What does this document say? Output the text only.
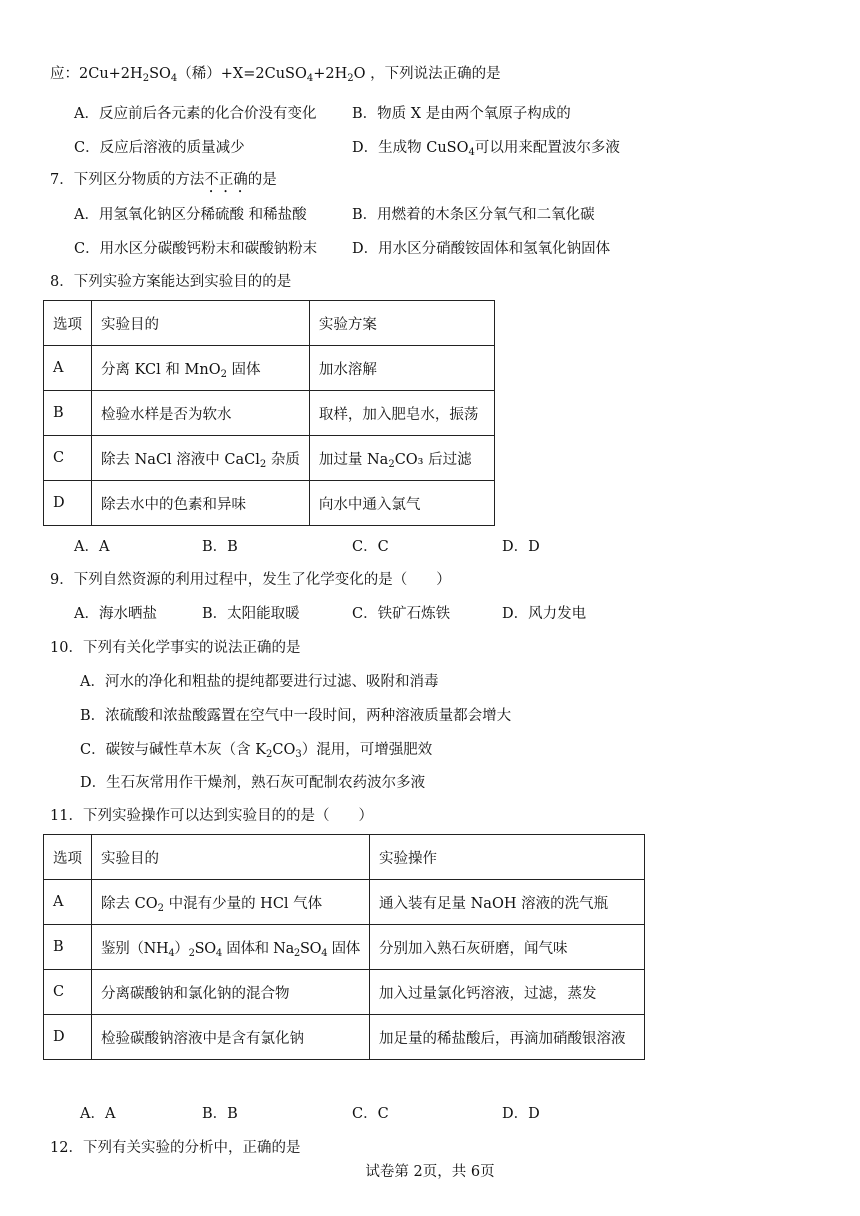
应：$2Cu+2H_2SO_4$（稀）$+X=2CuSO_4+2H_2O$ ，下列说法正确的是
A．反应前后各元素的化合价没有变化 B．物质 X 是由两个氧原子构成的
C．反应后溶液的质量减少	D．生成物 CuSO$_4$可以用来配置波尔多液
7．下列区分物质的方法不正确的是
A．用氢氧化钠区分稀硫酸 和稀盐酸	B．用燃着的木条区分氧气和二氧化碳
C．用水区分碳酸钙粉末和碳酸钠粉末 D．用水区分硝酸铵固体和氢氧化钠固体
8．下列实验方案能达到实验目的的是
选项	实验目的	实验方案
A	分离 KCl 和 MnO$_2$ 固体	加水溶解
B	检验水样是否为软水	取样，加入肥皂水，振荡
C	除去 NaCl 溶液中 CaCl$_2$ 杂质	加过量 $Na_2CO_3$ 后过滤
D	除去水中的色素和异味	向水中通入氯气
A．A	B．B	C．C	D．D
9．下列自然资源的利用过程中，发生了化学变化的是（　　）
A．海水晒盐	B．太阳能取暖	C．铁矿石炼铁	D．风力发电
10．下列有关化学事实的说法正确的是
A．河水的净化和粗盐的提纯都要进行过滤、吸附和消毒
B．浓硫酸和浓盐酸露置在空气中一段时间，两种溶液质量都会增大
C．碳铵与碱性草木灰（含 $K_2CO_3$）混用，可增强肥效
D．生石灰常用作干燥剂，熟石灰可配制农药波尔多液
11．下列实验操作可以达到实验目的的是（　　）
选项	实验目的	实验操作
A	除去 $CO_2$ 中混有少量的 HCl 气体	通入装有足量 NaOH 溶液的洗气瓶
B	鉴别$(NH_4)_2SO_4$ 固体和 $Na_2SO_4$ 固体	分别加入熟石灰研磨，闻气味
C	分离碳酸钠和氯化钠的混合物	加入过量氯化钙溶液，过滤，蒸发
D	检验碳酸钠溶液中是含有氯化钠	加足量的稀盐酸后，再滴加硝酸银溶液
A．A	B．B	C．C	D．D
12．下列有关实验的分析中，正确的是
试卷第 2页，共 6页
